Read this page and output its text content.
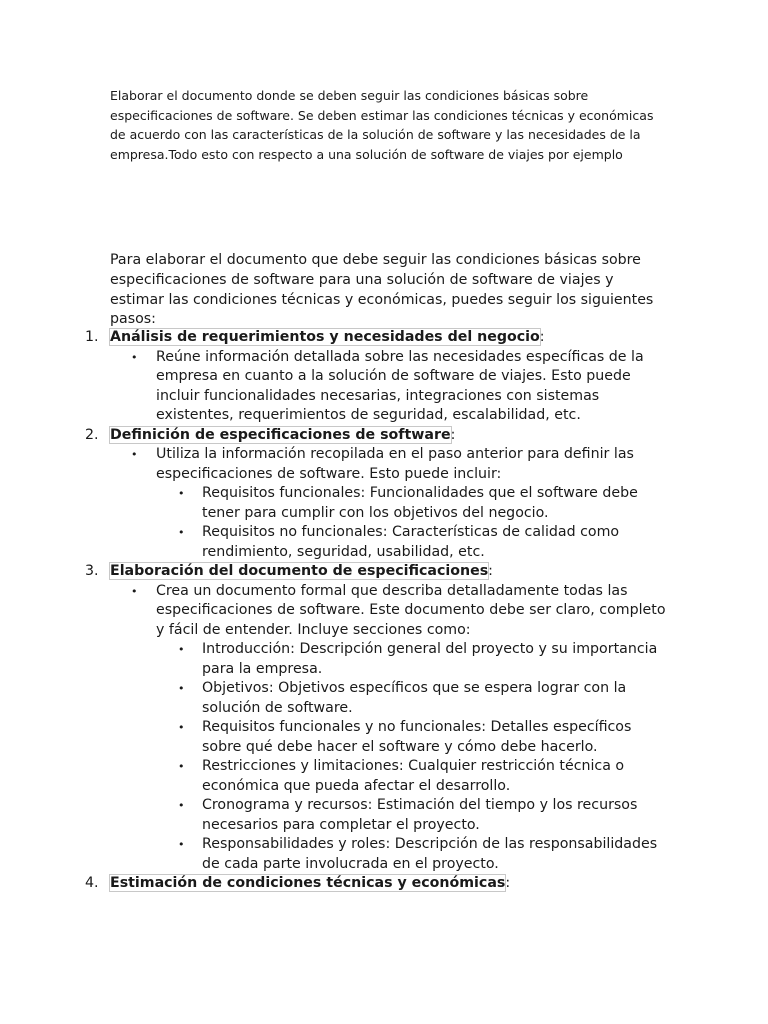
Elaborar el documento donde se deben seguir las condiciones básicas sobre especificaciones de software. Se deben estimar las condiciones técnicas y económicas de acuerdo con las características de la solución de software y las necesidades de la empresa.Todo esto con respecto a una solución de software de viajes por ejemplo

Para elaborar el documento que debe seguir las condiciones básicas sobre especificaciones de software para una solución de software de viajes y estimar las condiciones técnicas y económicas, puedes seguir los siguientes pasos:

1. Análisis de requerimientos y necesidades del negocio:
• Reúne información detallada sobre las necesidades específicas de la empresa en cuanto a la solución de software de viajes. Esto puede incluir funcionalidades necesarias, integraciones con sistemas existentes, requerimientos de seguridad, escalabilidad, etc.
2. Definición de especificaciones de software:
• Utiliza la información recopilada en el paso anterior para definir las especificaciones de software. Esto puede incluir:
• Requisitos funcionales: Funcionalidades que el software debe tener para cumplir con los objetivos del negocio.
• Requisitos no funcionales: Características de calidad como rendimiento, seguridad, usabilidad, etc.
3. Elaboración del documento de especificaciones:
• Crea un documento formal que describa detalladamente todas las especificaciones de software. Este documento debe ser claro, completo y fácil de entender. Incluye secciones como:
• Introducción: Descripción general del proyecto y su importancia para la empresa.
• Objetivos: Objetivos específicos que se espera lograr con la solución de software.
• Requisitos funcionales y no funcionales: Detalles específicos sobre qué debe hacer el software y cómo debe hacerlo.
• Restricciones y limitaciones: Cualquier restricción técnica o económica que pueda afectar el desarrollo.
• Cronograma y recursos: Estimación del tiempo y los recursos necesarios para completar el proyecto.
• Responsabilidades y roles: Descripción de las responsabilidades de cada parte involucrada en el proyecto.
4. Estimación de condiciones técnicas y económicas:
